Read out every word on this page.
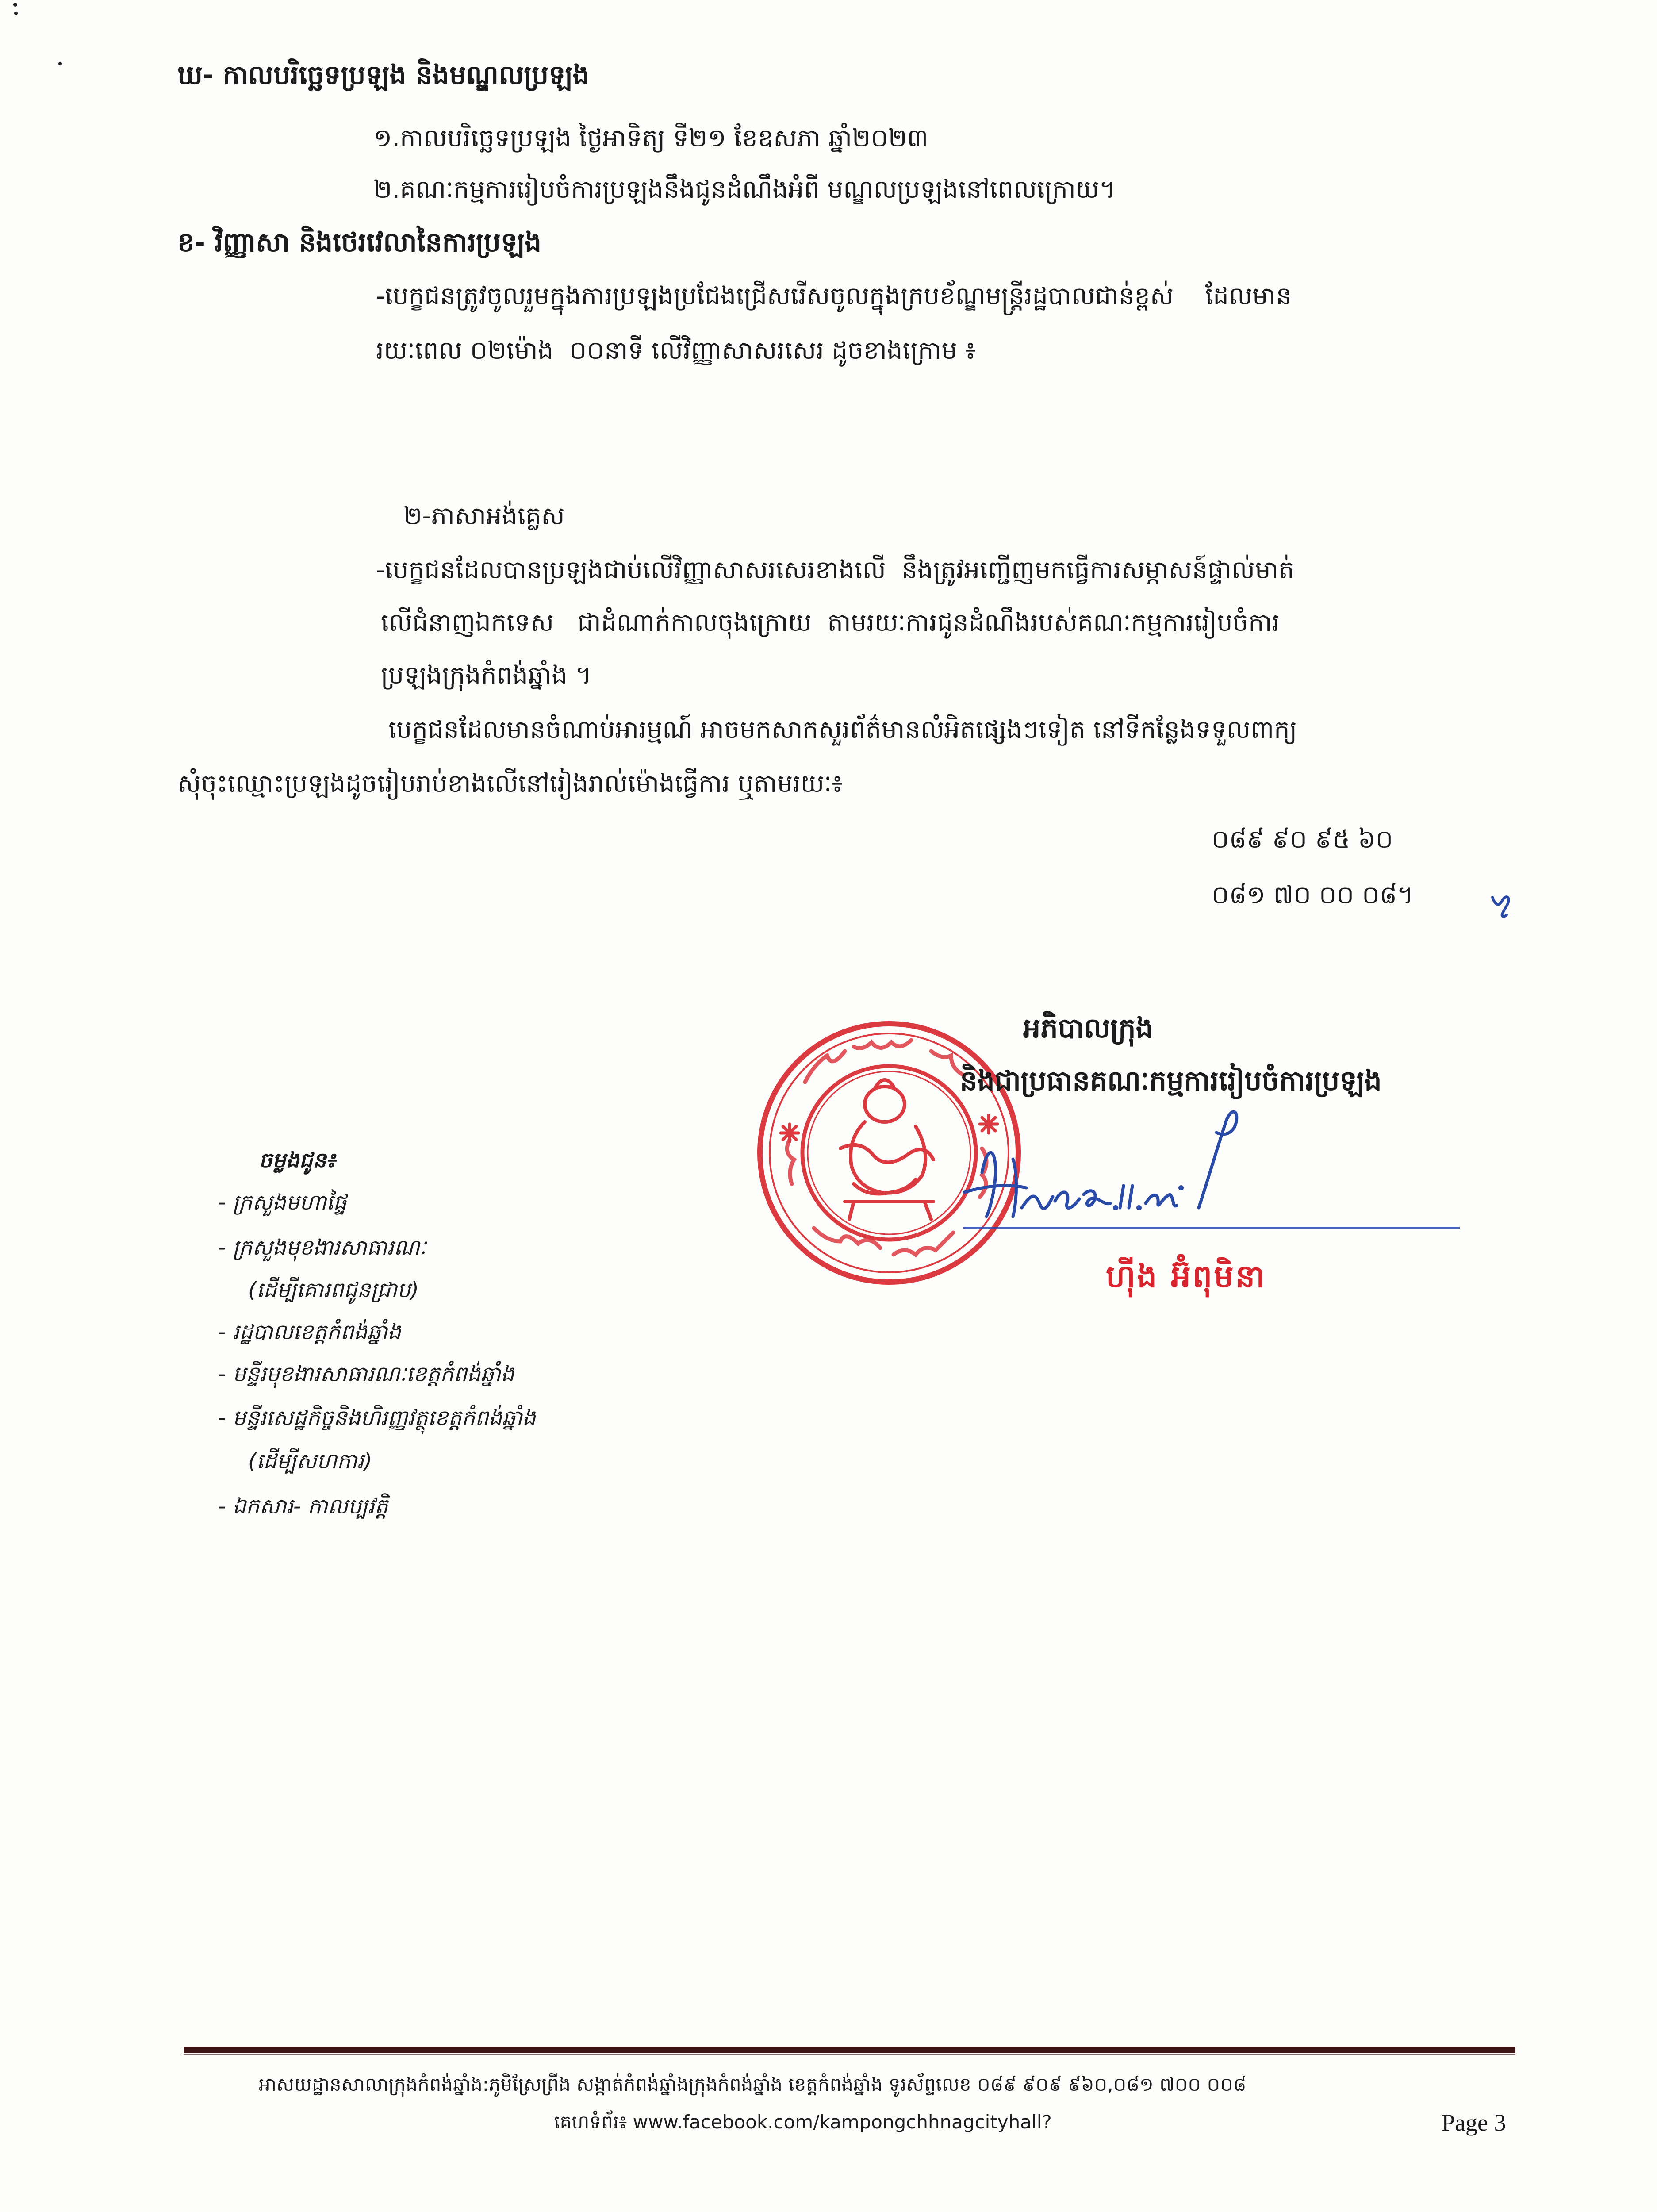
ឃ- កាលបរិច្ឆេទប្រឡង និងមណ្ឌលប្រឡង
១.កាលបរិច្ឆេទប្រឡង ថ្ងៃអាទិត្យ ទី២១ ខែឧសភា ឆ្នាំ២០២៣
២.គណៈកម្មការរៀបចំការប្រឡងនឹងជូនដំណឹងអំពី មណ្ឌលប្រឡងនៅពេលក្រោយ។
ខ- វិញ្ញាសា និងថេរវេលានៃការប្រឡង
-បេក្ខជនត្រូវចូលរួមក្នុងការប្រឡងប្រជែងជ្រើសរើសចូលក្នុងក្របខ័ណ្ឌមន្ត្រីរដ្ឋបាលជាន់ខ្ពស់    ដែលមាន
រយៈពេល ០២ម៉ោង  ០០នាទី លើវិញ្ញាសាសរសេរ ដូចខាងក្រោម ៖

២-ភាសាអង់គ្លេស
-បេក្ខជនដែលបានប្រឡងជាប់លើវិញ្ញាសាសរសេរខាងលើ  នឹងត្រូវអញ្ជើញមកធ្វើការសម្ភាសន៍ផ្ទាល់មាត់
លើជំនាញឯកទេស   ជាដំណាក់កាលចុងក្រោយ  តាមរយៈការជូនដំណឹងរបស់គណៈកម្មការរៀបចំការ
ប្រឡងក្រុងកំពង់ឆ្នាំង ។
បេក្ខជនដែលមានចំណាប់អារម្មណ៍ អាចមកសាកសួរព័ត៌មានលំអិតផ្សេងៗទៀត នៅទីកន្លែងទទួលពាក្យ
សុំចុះឈ្មោះប្រឡងដូចរៀបរាប់ខាងលើនៅរៀងរាល់ម៉ោងធ្វើការ ឬតាមរយៈ៖

០៨៩ ៩០ ៩៥ ៦០

០៨១ ៧០ ០០ ០៨។

អភិបាលក្រុង
និងជាប្រធានគណៈកម្មការរៀបចំការប្រឡង
ហ៊ីង អ៊ំពុមិនា
ចម្លងជូន៖
- ក្រសួងមហាផ្ទៃ
- ក្រសួងមុខងារសាធារណៈ
(ដើម្បីគោរពជូនជ្រាប)
- រដ្ឋបាលខេត្តកំពង់ឆ្នាំង
- មន្ទីរមុខងារសាធារណៈខេត្តកំពង់ឆ្នាំង
- មន្ទីរសេដ្ឋកិច្ចនិងហិរញ្ញវត្ថុខេត្តកំពង់ឆ្នាំង
(ដើម្បីសហការ)
- ឯកសារ- កាលប្បវត្តិ
អាសយដ្ឋានសាលាក្រុងកំពង់ឆ្នាំង:ភូមិស្រែព្រីង សង្កាត់កំពង់ឆ្នាំងក្រុងកំពង់ឆ្នាំង ខេត្តកំពង់ឆ្នាំង ទូរស័ព្ទលេខ ០៨៩ ៩០៩ ៩៦០,០៨១ ៧០០ ០០៨
គេហទំព័រ៖ www.facebook.com/kampongchhnagcityhall?	Page 3
